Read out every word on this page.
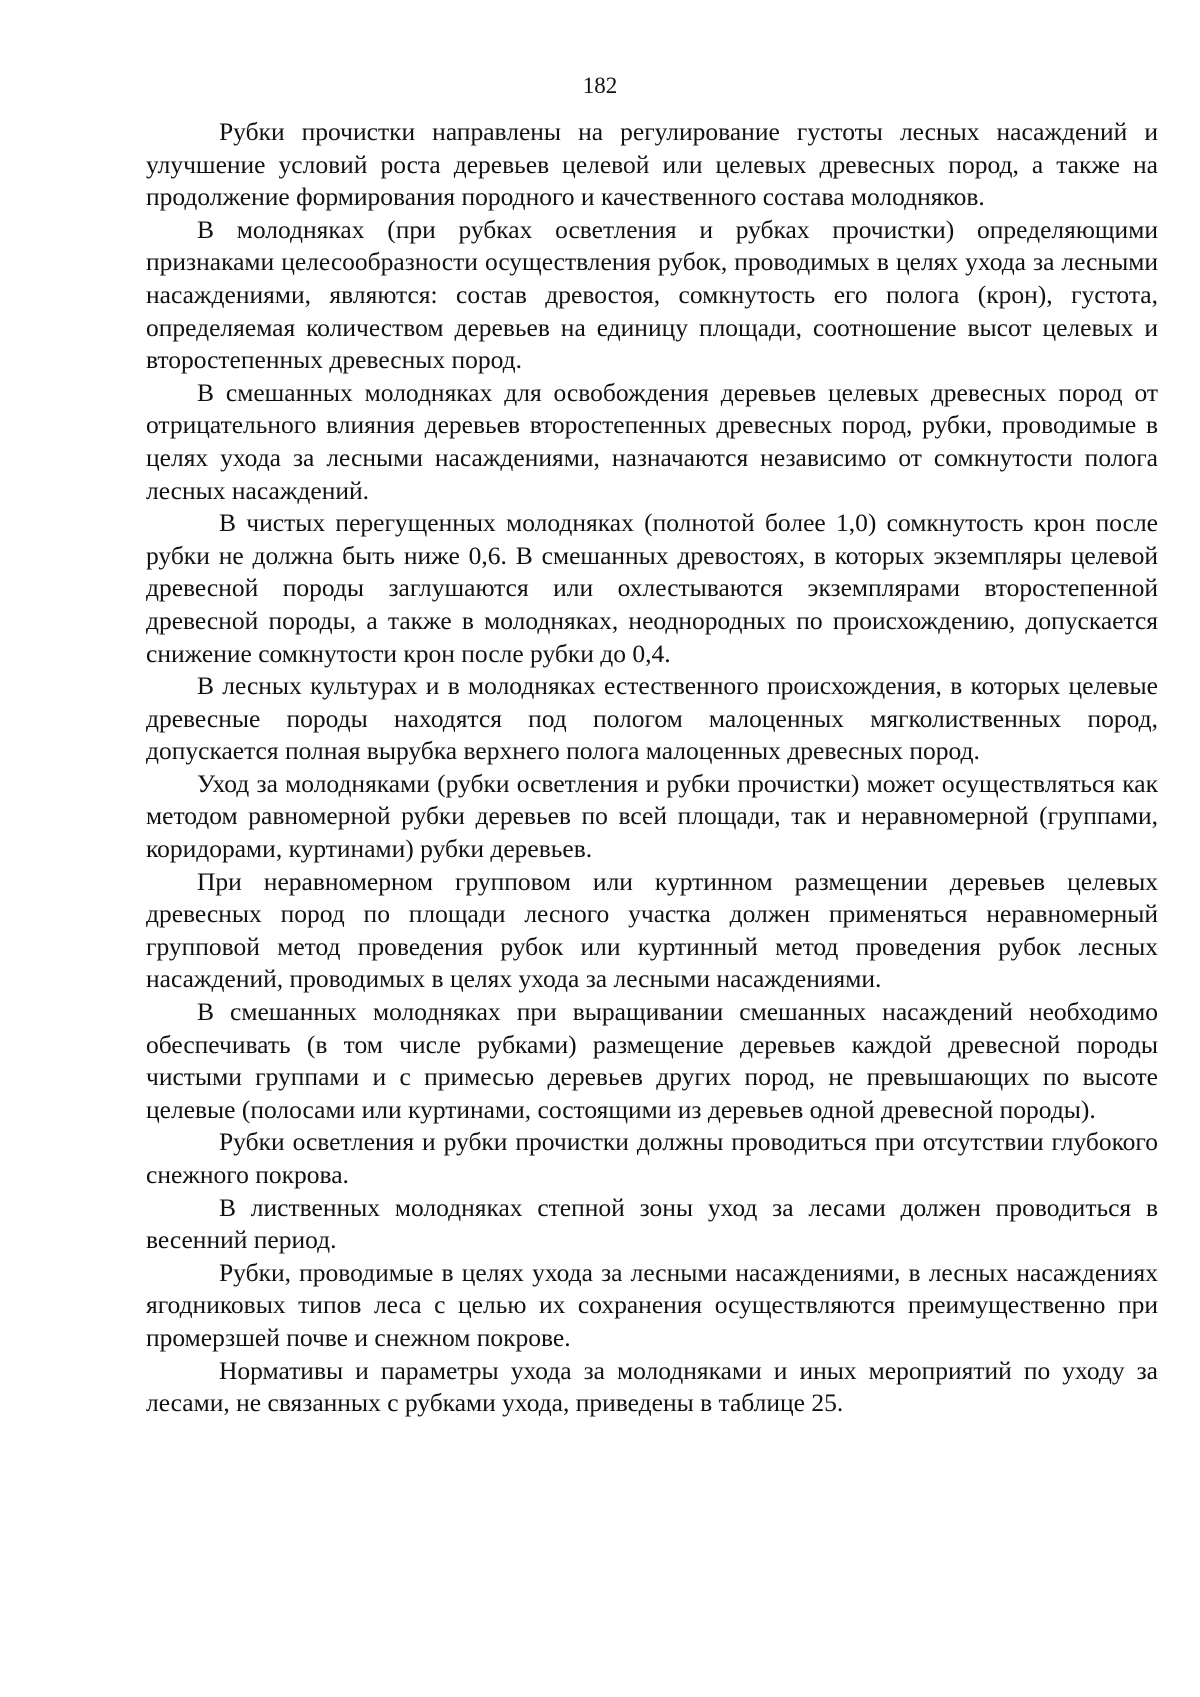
182

Рубки прочистки направлены на регулирование густоты лесных насаждений и улучшение условий роста деревьев целевой или целевых древесных пород, а также на продолжение формирования породного и качественного состава молодняков.

В молодняках (при рубках осветления и рубках прочистки) определяющими признаками целесообразности осуществления рубок, проводимых в целях ухода за лесными насаждениями, являются: состав древостоя, сомкнутость его полога (крон), густота, определяемая количеством деревьев на единицу площади, соотношение высот целевых и второстепенных древесных пород.

В смешанных молодняках для освобождения деревьев целевых древесных пород от отрицательного влияния деревьев второстепенных древесных пород, рубки, проводимые в целях ухода за лесными насаждениями, назначаются независимо от сомкнутости полога лесных насаждений.

В чистых перегущенных молодняках (полнотой более 1,0) сомкнутость крон после рубки не должна быть ниже 0,6. В смешанных древостоях, в которых экземпляры целевой древесной породы заглушаются или охлестываются экземплярами второстепенной древесной породы, а также в молодняках, неоднородных по происхождению, допускается снижение сомкнутости крон после рубки до 0,4.

В лесных культурах и в молодняках естественного происхождения, в которых целевые древесные породы находятся под пологом малоценных мягколиственных пород, допускается полная вырубка верхнего полога малоценных древесных пород.

Уход за молодняками (рубки осветления и рубки прочистки) может осуществляться как методом равномерной рубки деревьев по всей площади, так и неравномерной (группами, коридорами, куртинами) рубки деревьев.

При неравномерном групповом или куртинном размещении деревьев целевых древесных пород по площади лесного участка должен применяться неравномерный групповой метод проведения рубок или куртинный метод проведения рубок лесных насаждений, проводимых в целях ухода за лесными насаждениями.

В смешанных молодняках при выращивании смешанных насаждений необходимо обеспечивать (в том числе рубками) размещение деревьев каждой древесной породы чистыми группами и с примесью деревьев других пород, не превышающих по высоте целевые (полосами или куртинами, состоящими из деревьев одной древесной породы).

Рубки осветления и рубки прочистки должны проводиться при отсутствии глубокого снежного покрова.

В лиственных молодняках степной зоны уход за лесами должен проводиться в весенний период.

Рубки, проводимые в целях ухода за лесными насаждениями, в лесных насаждениях ягодниковых типов леса с целью их сохранения осуществляются преимущественно при промерзшей почве и снежном покрове.

Нормативы и параметры ухода за молодняками и иных мероприятий по уходу за лесами, не связанных с рубками ухода, приведены в таблице 25.
